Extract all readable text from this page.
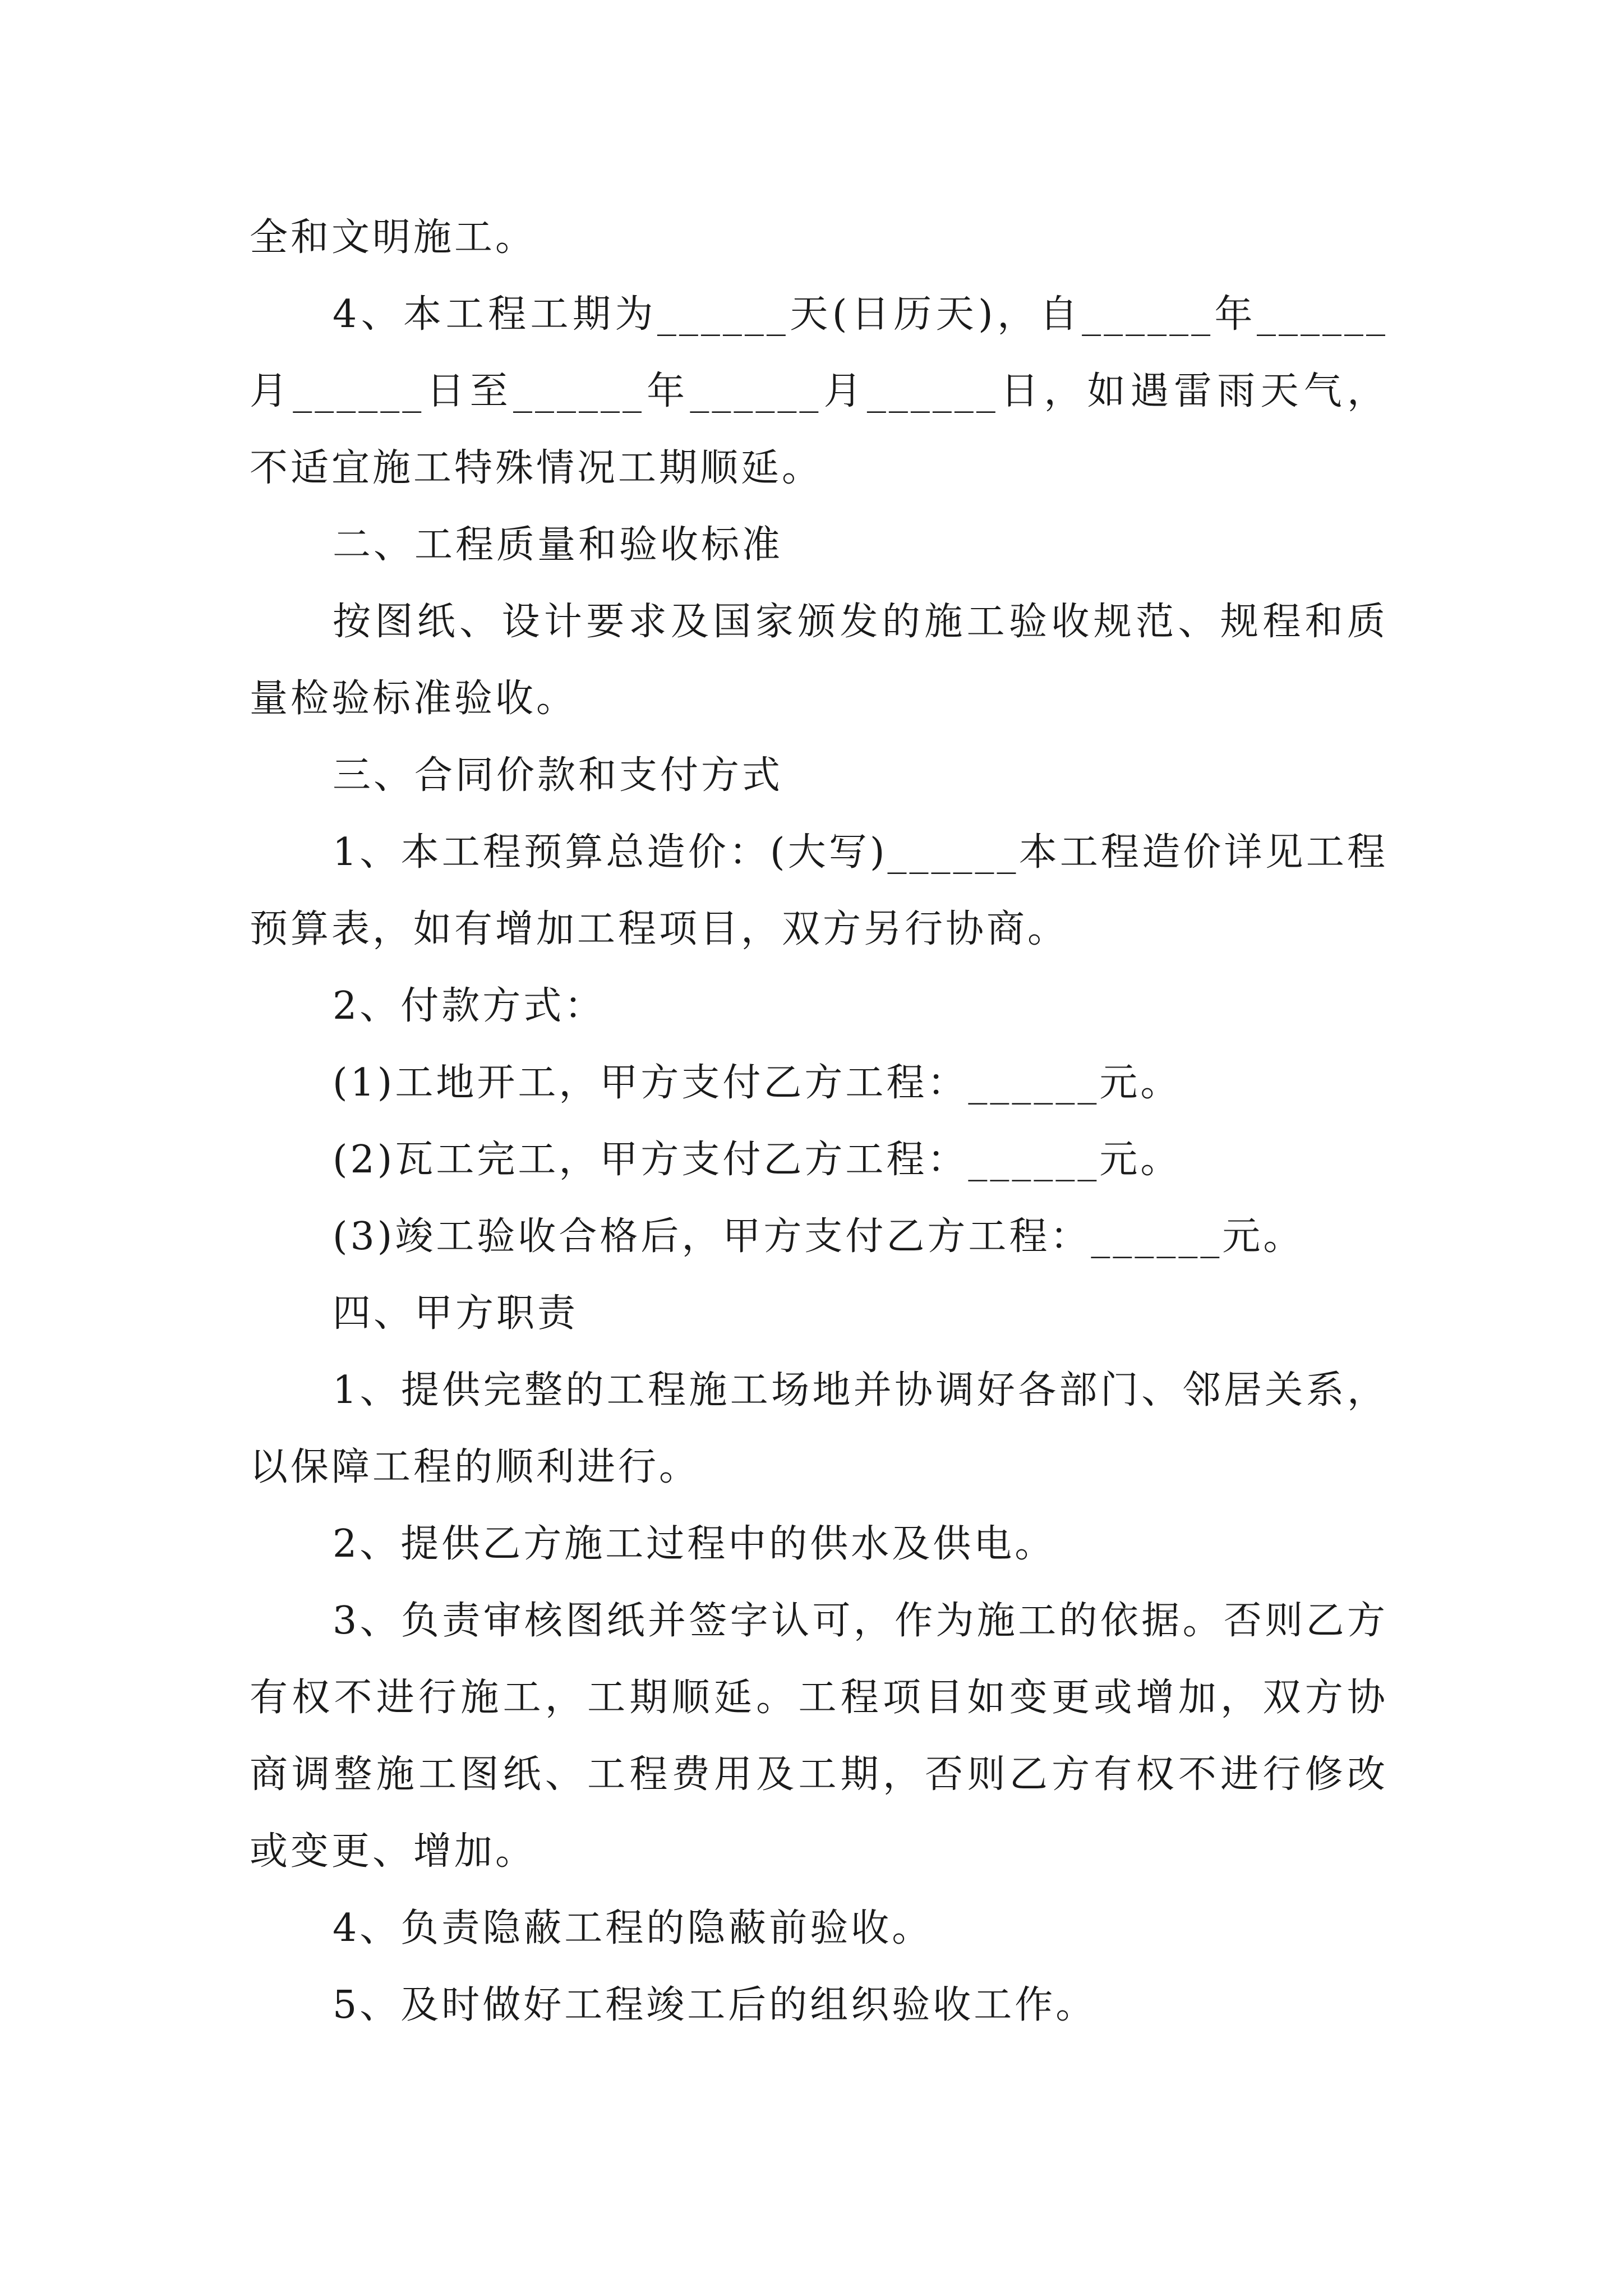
全和文明施工。

4、本工程工期为______天(日历天)，自______年______月______日至______年______月______日，如遇雷雨天气，不适宜施工特殊情况工期顺延。

二、工程质量和验收标准

按图纸、设计要求及国家颁发的施工验收规范、规程和质量检验标准验收。

三、合同价款和支付方式

1、本工程预算总造价：(大写)______本工程造价详见工程预算表，如有增加工程项目，双方另行协商。

2、付款方式：

(1)工地开工，甲方支付乙方工程：______元。

(2)瓦工完工，甲方支付乙方工程：______元。

(3)竣工验收合格后，甲方支付乙方工程：______元。

四、甲方职责

1、提供完整的工程施工场地并协调好各部门、邻居关系，以保障工程的顺利进行。

2、提供乙方施工过程中的供水及供电。

3、负责审核图纸并签字认可，作为施工的依据。否则乙方有权不进行施工，工期顺延。工程项目如变更或增加，双方协商调整施工图纸、工程费用及工期，否则乙方有权不进行修改或变更、增加。

4、负责隐蔽工程的隐蔽前验收。

5、及时做好工程竣工后的组织验收工作。
